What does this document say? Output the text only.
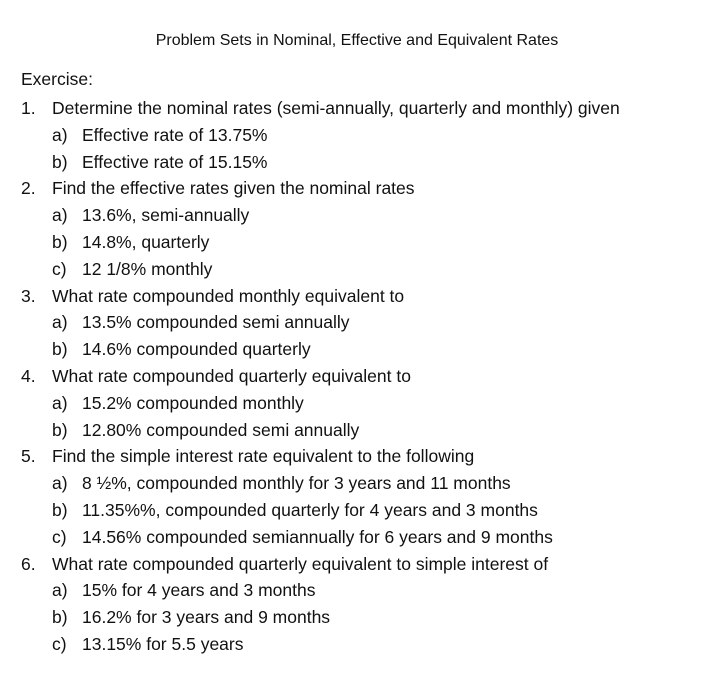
Problem Sets in Nominal, Effective and Equivalent Rates
Exercise:
1. Determine the nominal rates (semi-annually, quarterly and monthly) given
a) Effective rate of 13.75%
b) Effective rate of 15.15%
2. Find the effective rates given the nominal rates
a) 13.6%, semi-annually
b) 14.8%, quarterly
c) 12 1/8% monthly
3. What rate compounded monthly equivalent to
a) 13.5% compounded semi annually
b) 14.6% compounded quarterly
4. What rate compounded quarterly equivalent to
a) 15.2% compounded monthly
b) 12.80% compounded semi annually
5. Find the simple interest rate equivalent to the following
a) 8 ½%, compounded monthly for 3 years and 11 months
b) 11.35%%, compounded quarterly for 4 years and 3 months
c) 14.56% compounded semiannually for 6 years and 9 months
6. What rate compounded quarterly equivalent to simple interest of
a) 15% for 4 years and 3 months
b) 16.2% for 3 years and 9 months
c) 13.15% for 5.5 years
